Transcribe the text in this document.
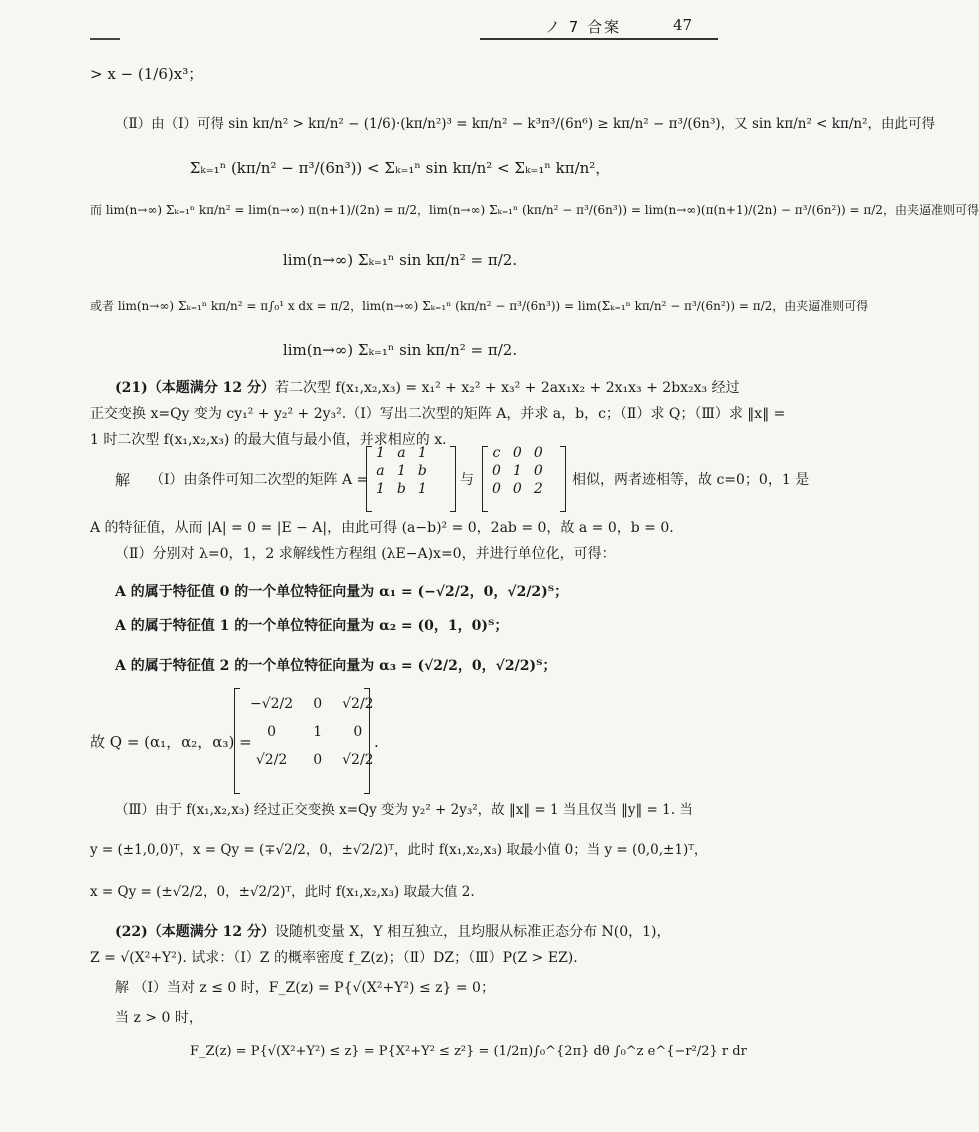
ノ 7 合案	47
> x − (1/6)x³；
（Ⅱ）由（Ⅰ）可得 sin kπ/n² > kπ/n² − (1/6)·(kπ/n²)³ = kπ/n² − k³π³/(6n⁶) ≥ kπ/n² − π³/(6n³)，又 sin kπ/n² < kπ/n²，由此可得
Σₖ₌₁ⁿ (kπ/n² − π³/(6n³)) < Σₖ₌₁ⁿ sin kπ/n² < Σₖ₌₁ⁿ kπ/n²，
而 lim(n→∞) Σₖ₌₁ⁿ kπ/n² = lim(n→∞) π(n+1)/(2n) = π/2，lim(n→∞) Σₖ₌₁ⁿ (kπ/n² − π³/(6n³)) = lim(n→∞)(π(n+1)/(2n) − π³/(6n²)) = π/2，由夹逼准则可得
lim(n→∞) Σₖ₌₁ⁿ sin kπ/n² = π/2.
或者 lim(n→∞) Σₖ₌₁ⁿ kπ/n² = π∫₀¹ x dx = π/2，lim(n→∞) Σₖ₌₁ⁿ (kπ/n² − π³/(6n³)) = lim(Σₖ₌₁ⁿ kπ/n² − π³/(6n²)) = π/2，由夹逼准则可得
lim(n→∞) Σₖ₌₁ⁿ sin kπ/n² = π/2.
(21)（本题满分 12 分）若二次型 f(x₁,x₂,x₃) = x₁² + x₂² + x₃² + 2ax₁x₂ + 2x₁x₃ + 2bx₂x₃ 经过
正交变换 x=Qy 变为 cy₁² + y₂² + 2y₃².（Ⅰ）写出二次型的矩阵 A，并求 a，b，c；（Ⅱ）求 Q；（Ⅲ）求 ‖x‖ =
1 时二次型 f(x₁,x₂,x₃) 的最大值与最小值，并求相应的 x.
解 （Ⅰ）由条件可知二次型的矩阵 A =
1	a	1
a	1	b
1	b	1
与
c	0	0
0	1	0
0	0	2
相似，两者迹相等，故 c=0；0，1 是
A 的特征值，从而 |A| = 0 = |E − A|，由此可得 (a−b)² = 0，2ab = 0，故 a = 0，b = 0.
（Ⅱ）分别对 λ=0，1，2 求解线性方程组 (λE−A)x=0，并进行单位化，可得：
A 的属于特征值 0 的一个单位特征向量为 α₁ = (−√2/2，0，√2/2)ᵀ；
A 的属于特征值 1 的一个单位特征向量为 α₂ = (0，1，0)ᵀ；
A 的属于特征值 2 的一个单位特征向量为 α₃ = (√2/2，0，√2/2)ᵀ；
故 Q = (α₁，α₂，α₃) =
−√2/2	0	√2/2
0	1	0
√2/2	0	√2/2
.
（Ⅲ）由于 f(x₁,x₂,x₃) 经过正交变换 x=Qy 变为 y₂² + 2y₃²，故 ‖x‖ = 1 当且仅当 ‖y‖ = 1. 当
y = (±1,0,0)ᵀ，x = Qy = (∓√2/2，0，±√2/2)ᵀ，此时 f(x₁,x₂,x₃) 取最小值 0；当 y = (0,0,±1)ᵀ，
x = Qy = (±√2/2，0，±√2/2)ᵀ，此时 f(x₁,x₂,x₃) 取最大值 2.
(22)（本题满分 12 分）设随机变量 X，Y 相互独立，且均服从标准正态分布 N(0，1)，
Z = √(X²+Y²). 试求：（Ⅰ）Z 的概率密度 f_Z(z)；（Ⅱ）DZ；（Ⅲ）P(Z > EZ).
解 （Ⅰ）当对 z ≤ 0 时，F_Z(z) = P{√(X²+Y²) ≤ z} = 0；
当 z > 0 时，
F_Z(z) = P{√(X²+Y²) ≤ z} = P{X²+Y² ≤ z²} = (1/2π)∫₀^{2π} dθ ∫₀^z e^{−r²/2} r dr
